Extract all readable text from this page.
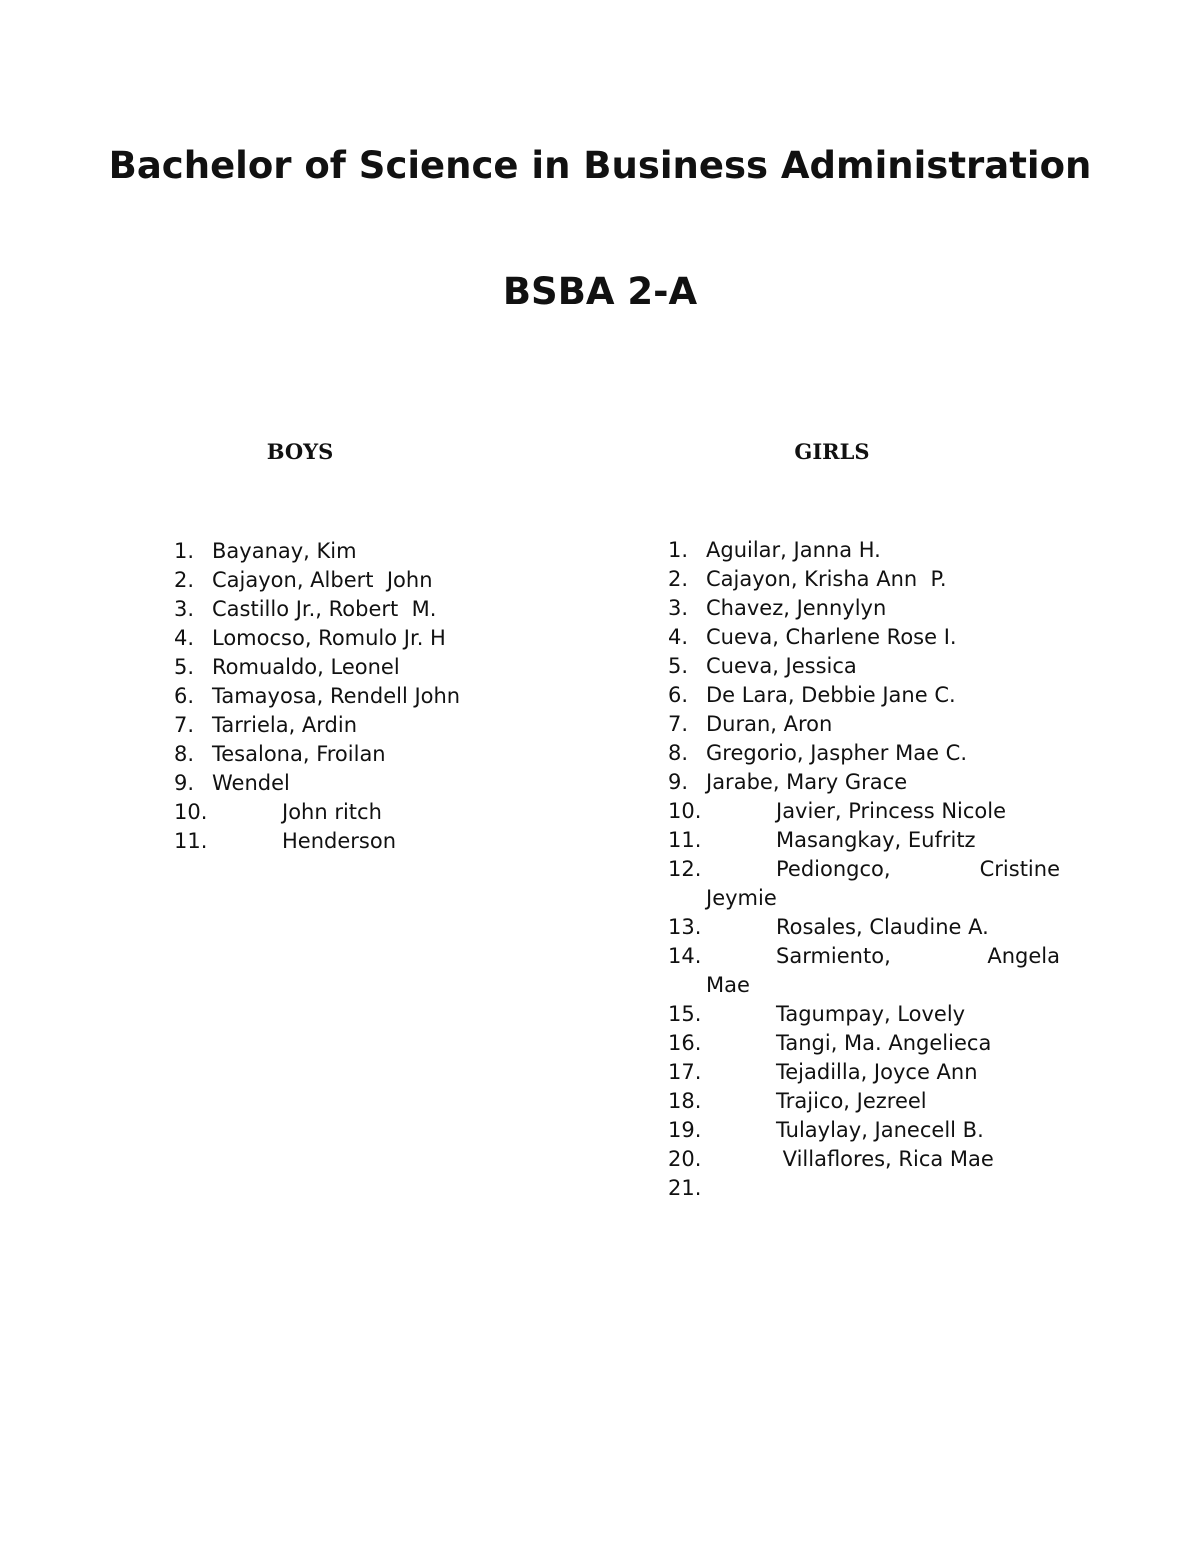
Bachelor of Science in Business Administration
BSBA 2-A
BOYS	GIRLS
1. Bayanay, Kim
2. Cajayon, Albert  John
3. Castillo Jr., Robert  M.
4. Lomocso, Romulo Jr. H
5. Romualdo, Leonel
6. Tamayosa, Rendell John
7. Tarriela, Ardin
8. Tesalona, Froilan
9. Wendel
10.	John ritch
11.	Henderson
1. Aguilar, Janna H.
2. Cajayon, Krisha Ann  P.
3. Chavez, Jennylyn
4. Cueva, Charlene Rose I.
5. Cueva, Jessica
6. De Lara, Debbie Jane C.
7. Duran, Aron
8. Gregorio, Jaspher Mae C.
9. Jarabe, Mary Grace
10.	Javier, Princess Nicole
11.	Masangkay, Eufritz
12.	Pediongco, Cristine
Jeymie
13.	Rosales, Claudine A.
14.	Sarmiento, Angela
Mae
15.	Tagumpay, Lovely
16.	Tangi, Ma. Angelieca
17.	Tejadilla, Joyce Ann
18.	Trajico, Jezreel
19.	Tulaylay, Janecell B.
20.	Villaflores, Rica Mae
21.
